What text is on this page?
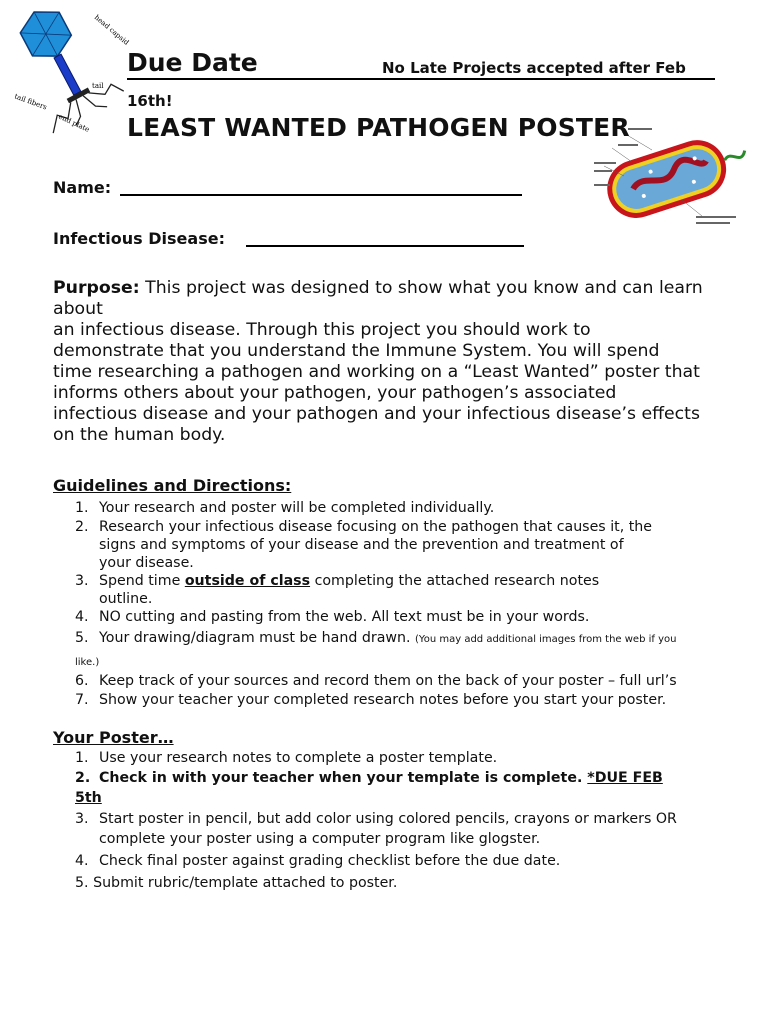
head capsid
tail
tail fibers
end plate
Due Date	No Late Projects accepted after Feb
16th!
LEAST WANTED PATHOGEN POSTER
Name:
Infectious Disease:

Purpose: This project was designed to show what you know and can learn

about

an infectious disease. Through this project you should work to

demonstrate that you understand the Immune System. You will spend

time researching a pathogen and working on a “Least Wanted” poster that

informs others about your pathogen, your pathogen’s associated

infectious disease and your pathogen and your infectious disease’s effects

on the human body.

Guidelines and Directions:
1. Your research and poster will be completed individually.
2. Research your infectious disease focusing on the pathogen that causes it, the
signs and symptoms of your disease and the prevention and treatment of
your disease.
3. Spend time outside of class completing the attached research notes
outline.
4. NO cutting and pasting from the web. All text must be in your words.
5. Your drawing/diagram must be hand drawn. (You may add additional images from the web if you
like.)
6. Keep track of your sources and record them on the back of your poster – full url’s
7. Show your teacher your completed research notes before you start your poster.
Your Poster…
1. Use your research notes to complete a poster template.
2. Check in with your teacher when your template is complete. *DUE FEB
5th
3. Start poster in pencil, but add color using colored pencils, crayons or markers OR
complete your poster using a computer program like glogster.
4. Check final poster against grading checklist before the due date.
5. Submit rubric/template attached to poster.
